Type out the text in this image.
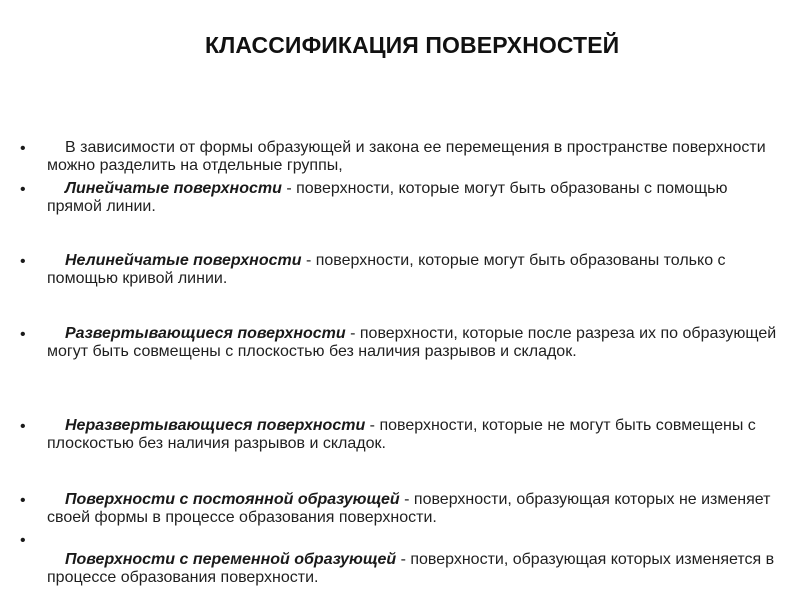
КЛАССИФИКАЦИЯ ПОВЕРХНОСТЕЙ
•	В зависимости от формы образующей и закона ее перемещения в пространстве поверхности можно разделить на отдельные группы,
•	Линейчатые поверхности - поверхности, которые могут быть образованы с помощью прямой линии.
•	Нелинейчатые поверхности - поверхности, которые могут быть образованы только с помощью кривой линии.
•	Развертывающиеся поверхности - поверхности, которые после разреза их по образующей могут быть совмещены с плоскостью без наличия разрывов и складок.
•	Неразвертывающиеся поверхности - поверхности, которые не могут быть совмещены с плоскостью без наличия разрывов и складок.
•	Поверхности с постоянной образующей - поверхности, образующая которых не изменяет своей формы в процессе образования поверхности.
•
Поверхности с переменной образующей - поверхности, образующая которых изменяется в процессе образования поверхности.
